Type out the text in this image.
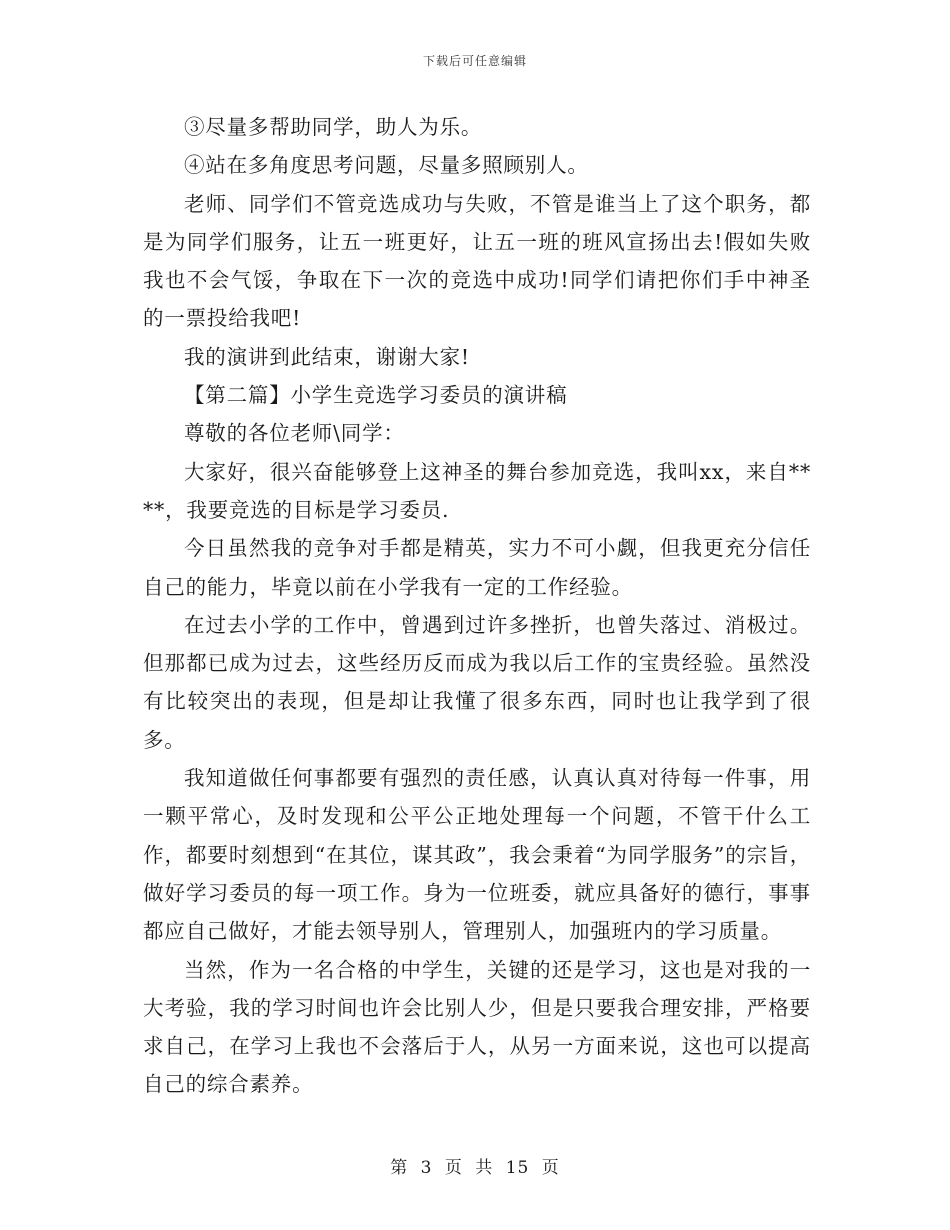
下载后可任意编辑

③尽量多帮助同学，助人为乐。

④站在多角度思考问题，尽量多照顾别人。

老师、同学们不管竞选成功与失败，不管是谁当上了这个职务，都是为同学们服务，让五一班更好，让五一班的班风宣扬出去!假如失败我也不会气馁，争取在下一次的竞选中成功!同学们请把你们手中神圣的一票投给我吧!

我的演讲到此结束，谢谢大家!

【第二篇】小学生竞选学习委员的演讲稿

尊敬的各位老师\同学：

大家好，很兴奋能够登上这神圣的舞台参加竞选，我叫xx，来自****，我要竞选的目标是学习委员.

今日虽然我的竞争对手都是精英，实力不可小觑，但我更充分信任自己的能力，毕竟以前在小学我有一定的工作经验。

在过去小学的工作中，曾遇到过许多挫折，也曾失落过、消极过。但那都已成为过去，这些经历反而成为我以后工作的宝贵经验。虽然没有比较突出的表现，但是却让我懂了很多东西，同时也让我学到了很多。

我知道做任何事都要有强烈的责任感，认真认真对待每一件事，用一颗平常心，及时发现和公平公正地处理每一个问题，不管干什么工作，都要时刻想到“在其位，谋其政”，我会秉着“为同学服务”的宗旨，做好学习委员的每一项工作。身为一位班委，就应具备好的德行，事事都应自己做好，才能去领导别人，管理别人，加强班内的学习质量。

当然，作为一名合格的中学生，关键的还是学习，这也是对我的一大考验，我的学习时间也许会比别人少，但是只要我合理安排，严格要求自己，在学习上我也不会落后于人，从另一方面来说，这也可以提高自己的综合素养。

第 3 页 共 15 页
